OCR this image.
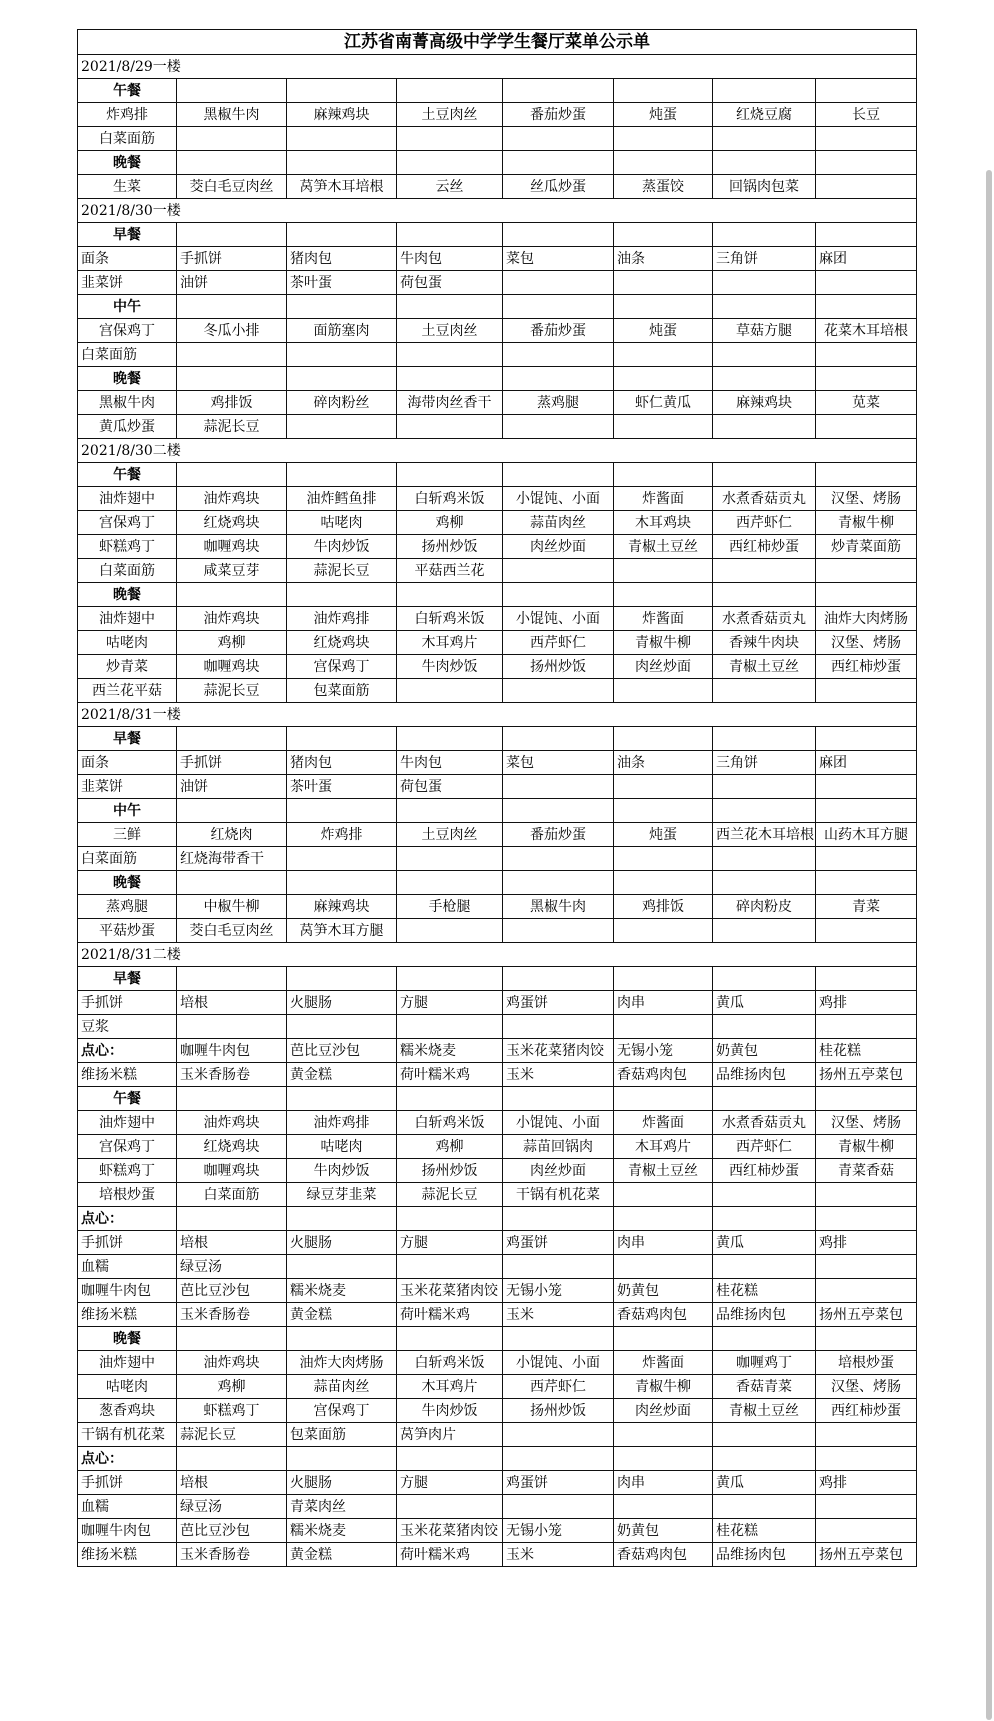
江苏省南菁高级中学学生餐厅菜单公示单							
2021/8/29一楼							
午餐							
炸鸡排	黑椒牛肉	麻辣鸡块	土豆肉丝	番茄炒蛋	炖蛋	红烧豆腐	长豆
白菜面筋							
晚餐							
生菜	茭白毛豆肉丝	莴笋木耳培根	云丝	丝瓜炒蛋	蒸蛋饺	回锅肉包菜	
2021/8/30一楼							
早餐							
面条	手抓饼	猪肉包	牛肉包	菜包	油条	三角饼	麻团
韭菜饼	油饼	茶叶蛋	荷包蛋				
中午							
宫保鸡丁	冬瓜小排	面筋塞肉	土豆肉丝	番茄炒蛋	炖蛋	草菇方腿	花菜木耳培根
白菜面筋							
晚餐							
黑椒牛肉	鸡排饭	碎肉粉丝	海带肉丝香干	蒸鸡腿	虾仁黄瓜	麻辣鸡块	苋菜
黄瓜炒蛋	蒜泥长豆						
2021/8/30二楼							
午餐							
油炸翅中	油炸鸡块	油炸鳕鱼排	白斩鸡米饭	小馄饨、小面	炸酱面	水煮香菇贡丸	汉堡、烤肠
宫保鸡丁	红烧鸡块	咕咾肉	鸡柳	蒜苗肉丝	木耳鸡块	西芹虾仁	青椒牛柳
虾糕鸡丁	咖喱鸡块	牛肉炒饭	扬州炒饭	肉丝炒面	青椒土豆丝	西红柿炒蛋	炒青菜面筋
白菜面筋	咸菜豆芽	蒜泥长豆	平菇西兰花				
晚餐							
油炸翅中	油炸鸡块	油炸鸡排	白斩鸡米饭	小馄饨、小面	炸酱面	水煮香菇贡丸	油炸大肉烤肠
咕咾肉	鸡柳	红烧鸡块	木耳鸡片	西芹虾仁	青椒牛柳	香辣牛肉块	汉堡、烤肠
炒青菜	咖喱鸡块	宫保鸡丁	牛肉炒饭	扬州炒饭	肉丝炒面	青椒土豆丝	西红柿炒蛋
西兰花平菇	蒜泥长豆	包菜面筋					
2021/8/31一楼							
早餐							
面条	手抓饼	猪肉包	牛肉包	菜包	油条	三角饼	麻团
韭菜饼	油饼	茶叶蛋	荷包蛋				
中午							
三鲜	红烧肉	炸鸡排	土豆肉丝	番茄炒蛋	炖蛋	西兰花木耳培根	山药木耳方腿
白菜面筋	红烧海带香干						
晚餐							
蒸鸡腿	中椒牛柳	麻辣鸡块	手枪腿	黑椒牛肉	鸡排饭	碎肉粉皮	青菜
平菇炒蛋	茭白毛豆肉丝	莴笋木耳方腿					
2021/8/31二楼							
早餐							
手抓饼	培根	火腿肠	方腿	鸡蛋饼	肉串	黄瓜	鸡排
豆浆							
点心：	咖喱牛肉包	芭比豆沙包	糯米烧麦	玉米花菜猪肉饺	无锡小笼	奶黄包	桂花糕
维扬米糕	玉米香肠卷	黄金糕	荷叶糯米鸡	玉米	香菇鸡肉包	品维扬肉包	扬州五亭菜包
午餐							
油炸翅中	油炸鸡块	油炸鸡排	白斩鸡米饭	小馄饨、小面	炸酱面	水煮香菇贡丸	汉堡、烤肠
宫保鸡丁	红烧鸡块	咕咾肉	鸡柳	蒜苗回锅肉	木耳鸡片	西芹虾仁	青椒牛柳
虾糕鸡丁	咖喱鸡块	牛肉炒饭	扬州炒饭	肉丝炒面	青椒土豆丝	西红柿炒蛋	青菜香菇
培根炒蛋	白菜面筋	绿豆芽韭菜	蒜泥长豆	干锅有机花菜			
点心：							
手抓饼	培根	火腿肠	方腿	鸡蛋饼	肉串	黄瓜	鸡排
血糯	绿豆汤						
咖喱牛肉包	芭比豆沙包	糯米烧麦	玉米花菜猪肉饺	无锡小笼	奶黄包	桂花糕	
维扬米糕	玉米香肠卷	黄金糕	荷叶糯米鸡	玉米	香菇鸡肉包	品维扬肉包	扬州五亭菜包
晚餐							
油炸翅中	油炸鸡块	油炸大肉烤肠	白斩鸡米饭	小馄饨、小面	炸酱面	咖喱鸡丁	培根炒蛋
咕咾肉	鸡柳	蒜苗肉丝	木耳鸡片	西芹虾仁	青椒牛柳	香菇青菜	汉堡、烤肠
葱香鸡块	虾糕鸡丁	宫保鸡丁	牛肉炒饭	扬州炒饭	肉丝炒面	青椒土豆丝	西红柿炒蛋
干锅有机花菜	蒜泥长豆	包菜面筋	莴笋肉片				
点心：							
手抓饼	培根	火腿肠	方腿	鸡蛋饼	肉串	黄瓜	鸡排
血糯	绿豆汤	青菜肉丝					
咖喱牛肉包	芭比豆沙包	糯米烧麦	玉米花菜猪肉饺	无锡小笼	奶黄包	桂花糕	
维扬米糕	玉米香肠卷	黄金糕	荷叶糯米鸡	玉米	香菇鸡肉包	品维扬肉包	扬州五亭菜包
